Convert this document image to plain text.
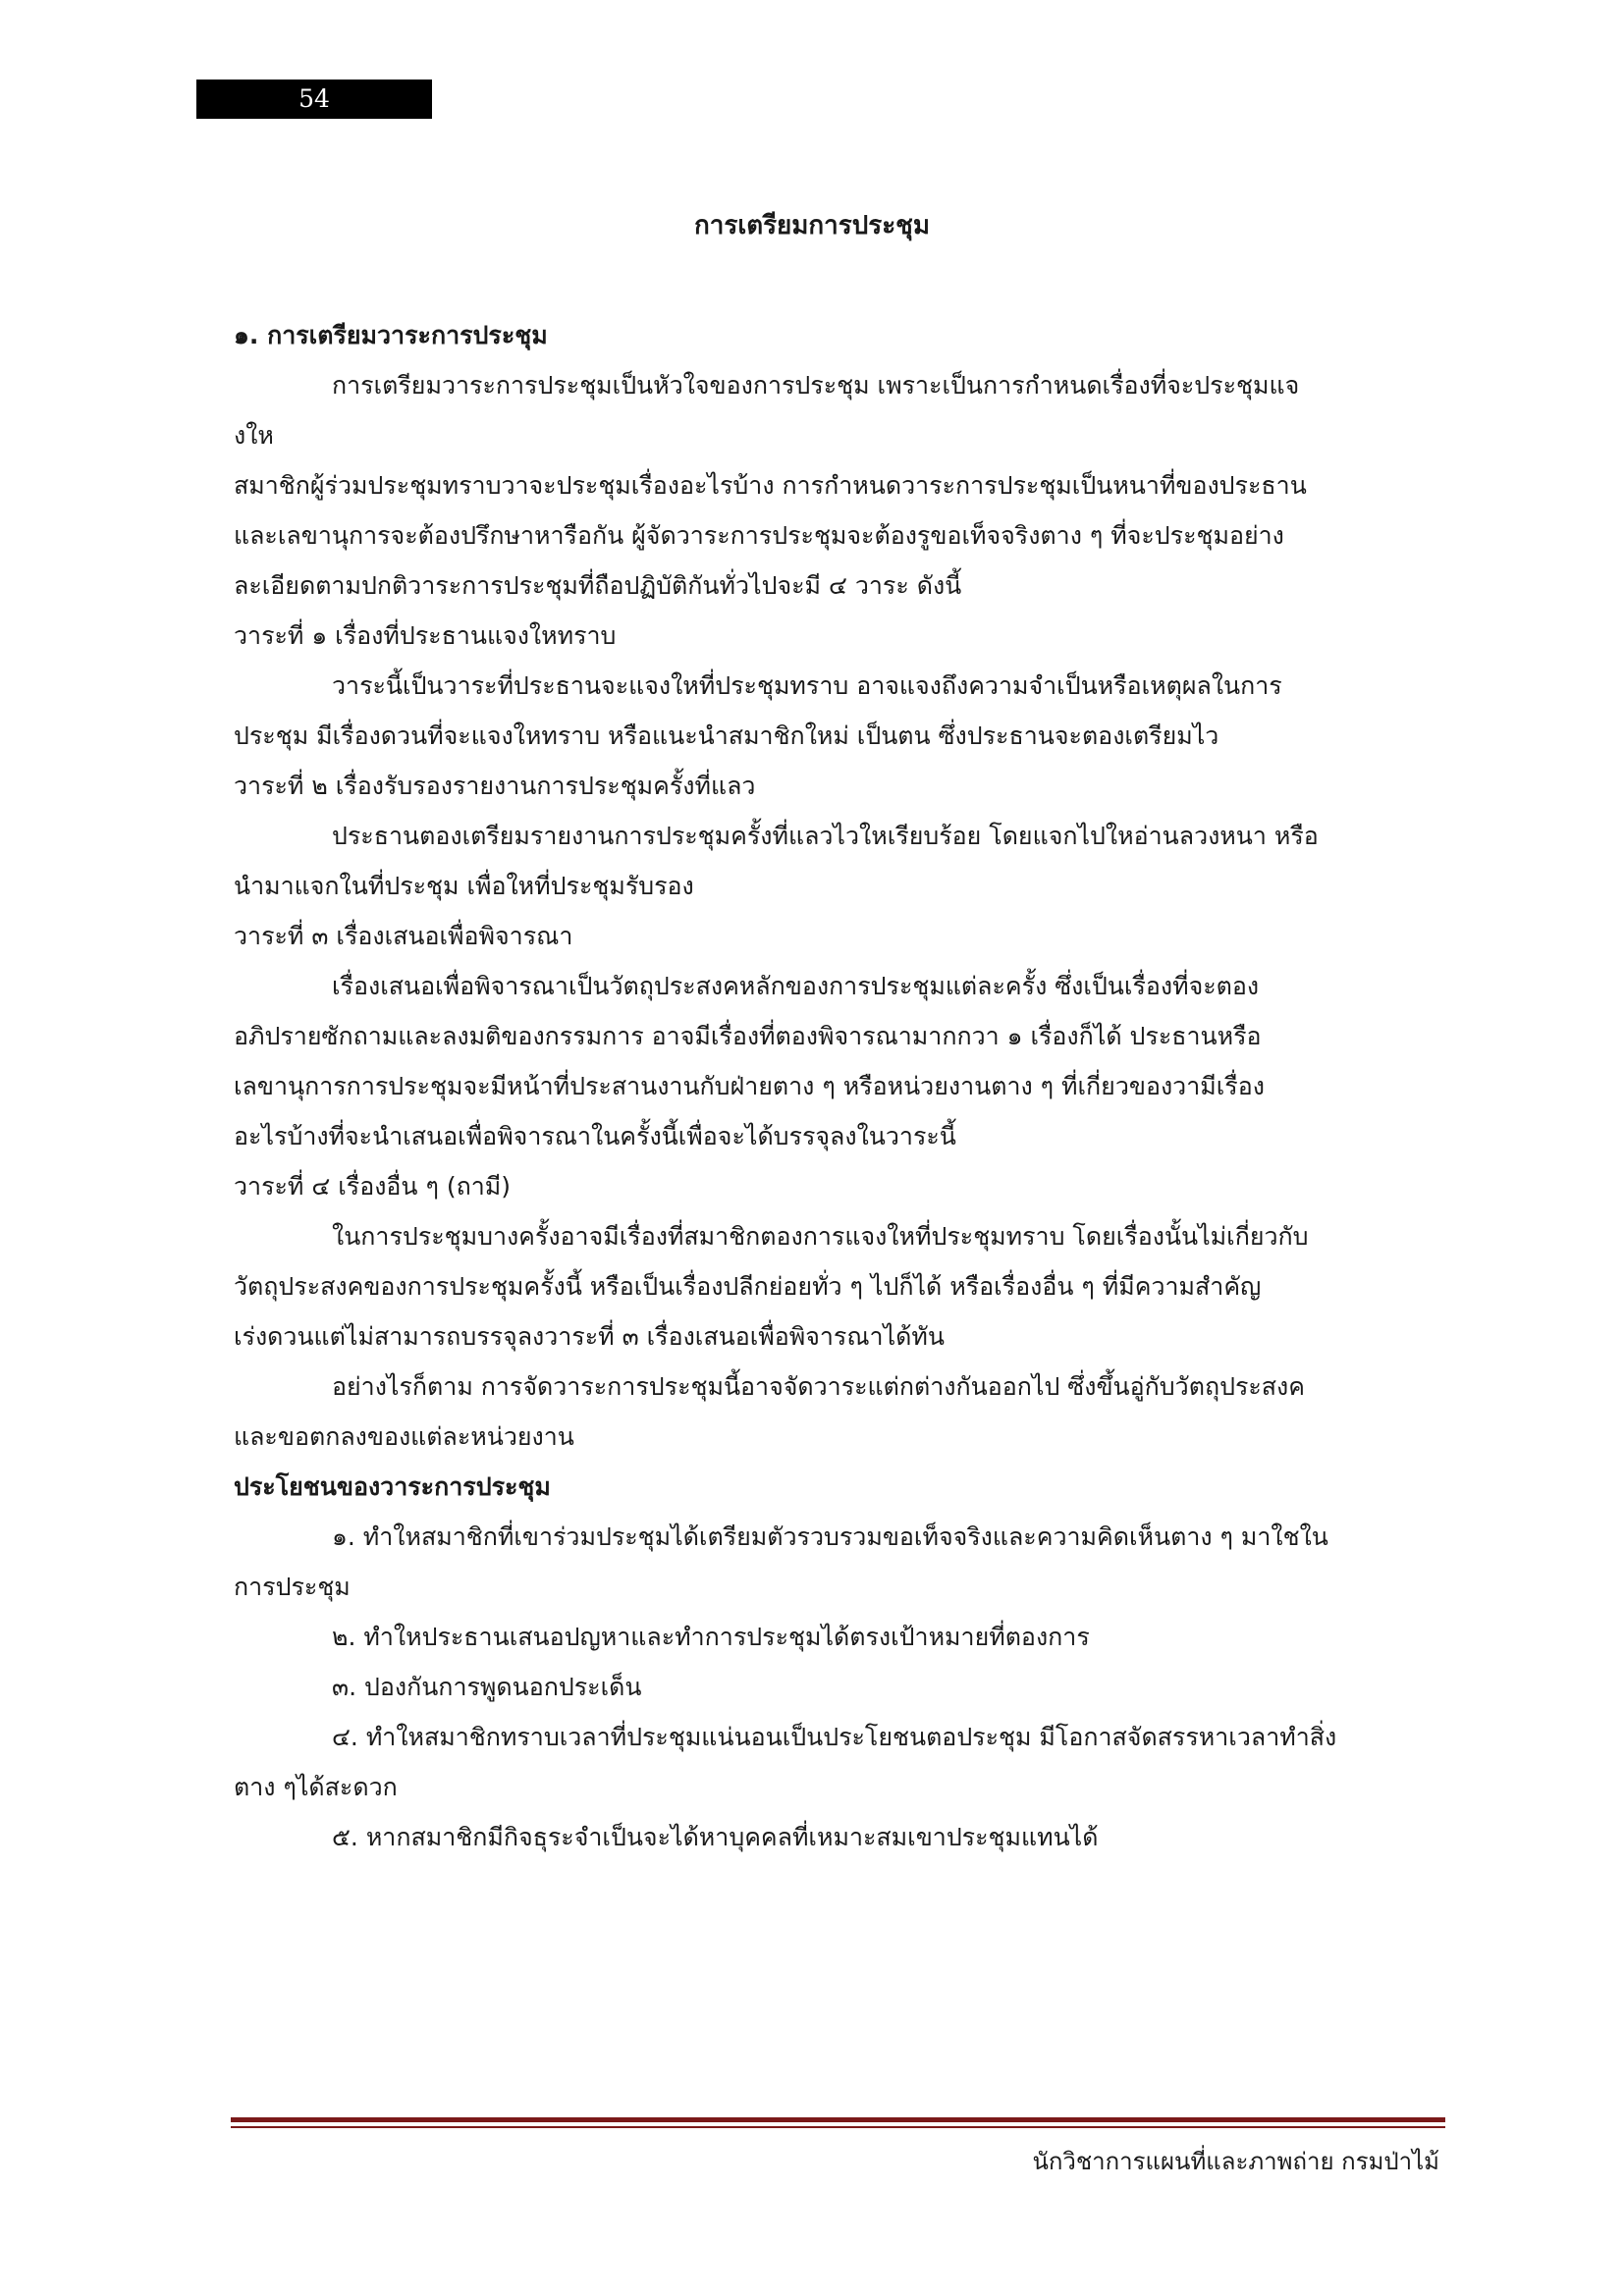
54
การเตรียมการประชุม
๑. การเตรียมวาระการประชุม
การเตรียมวาระการประชุมเป็นหัวใจของการประชุม เพราะเป็นการกำหนดเรื่องที่จะประชุมแจ
งให
สมาชิกผู้ร่วมประชุมทราบวาจะประชุมเรื่องอะไรบ้าง การกำหนดวาระการประชุมเป็นหนาที่ของประธาน
และเลขานุการจะต้องปรึกษาหารือกัน ผู้จัดวาระการประชุมจะต้องรูขอเท็จจริงตาง ๆ ที่จะประชุมอย่าง
ละเอียดตามปกติวาระการประชุมที่ถือปฏิบัติกันทั่วไปจะมี ๔ วาระ ดังนี้
วาระที่ ๑ เรื่องที่ประธานแจงใหทราบ
วาระนี้เป็นวาระที่ประธานจะแจงใหที่ประชุมทราบ อาจแจงถึงความจำเป็นหรือเหตุผลในการ
ประชุม มีเรื่องดวนที่จะแจงใหทราบ หรือแนะนำสมาชิกใหม่ เป็นตน ซึ่งประธานจะตองเตรียมไว
วาระที่ ๒ เรื่องรับรองรายงานการประชุมครั้งที่แลว
ประธานตองเตรียมรายงานการประชุมครั้งที่แลวไวใหเรียบร้อย โดยแจกไปใหอ่านลวงหนา หรือ
นำมาแจกในที่ประชุม เพื่อใหที่ประชุมรับรอง
วาระที่ ๓ เรื่องเสนอเพื่อพิจารณา
เรื่องเสนอเพื่อพิจารณาเป็นวัตถุประสงคหลักของการประชุมแต่ละครั้ง ซึ่งเป็นเรื่องที่จะตอง
อภิปรายซักถามและลงมติของกรรมการ อาจมีเรื่องที่ตองพิจารณามากกวา ๑ เรื่องก็ได้ ประธานหรือ
เลขานุการการประชุมจะมีหน้าที่ประสานงานกับฝ่ายตาง ๆ หรือหน่วยงานตาง ๆ ที่เกี่ยวของวามีเรื่อง
อะไรบ้างที่จะนำเสนอเพื่อพิจารณาในครั้งนี้เพื่อจะได้บรรจุลงในวาระนี้
วาระที่ ๔ เรื่องอื่น ๆ (ถามี)
ในการประชุมบางครั้งอาจมีเรื่องที่สมาชิกตองการแจงใหที่ประชุมทราบ โดยเรื่องนั้นไม่เกี่ยวกับ
วัตถุประสงคของการประชุมครั้งนี้ หรือเป็นเรื่องปลีกย่อยทั่ว ๆ ไปก็ได้ หรือเรื่องอื่น ๆ ที่มีความสำคัญ
เร่งดวนแต่ไม่สามารถบรรจุลงวาระที่ ๓ เรื่องเสนอเพื่อพิจารณาได้ทัน
อย่างไรก็ตาม การจัดวาระการประชุมนี้อาจจัดวาระแต่กต่างกันออกไป ซึ่งขึ้นอู่กับวัตถุประสงค
และขอตกลงของแต่ละหน่วยงาน
ประโยชนของวาระการประชุม
๑. ทำใหสมาชิกที่เขาร่วมประชุมได้เตรียมตัวรวบรวมขอเท็จจริงและความคิดเห็นตาง ๆ มาใชใน
การประชุม
๒. ทำใหประธานเสนอปญหาและทำการประชุมได้ตรงเป้าหมายที่ตองการ
๓. ปองกันการพูดนอกประเด็น
๔. ทำใหสมาชิกทราบเวลาที่ประชุมแน่นอนเป็นประโยชนตอประชุม มีโอกาสจัดสรรหาเวลาทำสิ่ง
ตาง ๆได้สะดวก
๕. หากสมาชิกมีกิจธุระจำเป็นจะได้หาบุคคลที่เหมาะสมเขาประชุมแทนได้
นักวิชาการแผนที่และภาพถ่าย กรมป่าไม้
